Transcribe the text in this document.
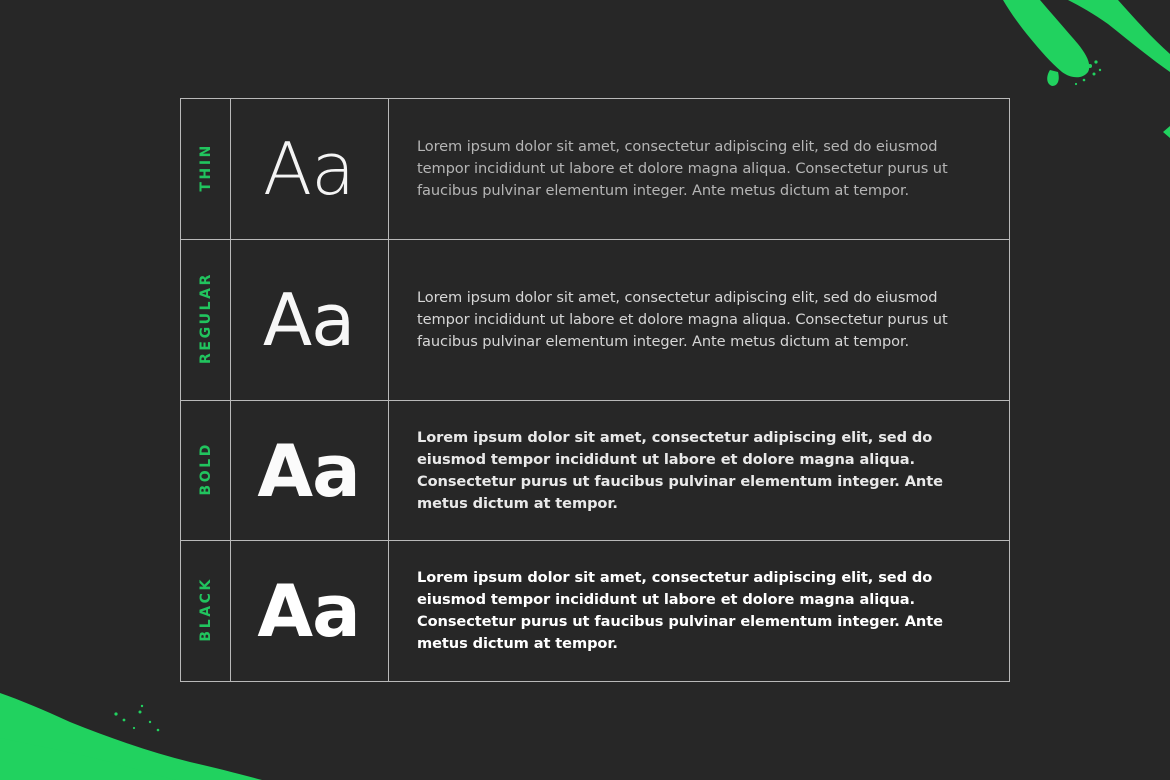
THIN	Aa	Lorem ipsum dolor sit amet, consectetur adipiscing elit, sed do eiusmod tempor incididunt ut labore et dolore magna aliqua. Consectetur purus ut faucibus pulvinar elementum integer. Ante metus dictum at tempor.

REGULAR	Aa	Lorem ipsum dolor sit amet, consectetur adipiscing elit, sed do eiusmod tempor incididunt ut labore et dolore magna aliqua. Consectetur purus ut faucibus pulvinar elementum integer. Ante metus dictum at tempor.

BOLD	Aa	Lorem ipsum dolor sit amet, consectetur adipiscing elit, sed do eiusmod tempor incididunt ut labore et dolore magna aliqua. Consectetur purus ut faucibus pulvinar elementum integer. Ante metus dictum at tempor.

BLACK	Aa	Lorem ipsum dolor sit amet, consectetur adipiscing elit, sed do eiusmod tempor incididunt ut labore et dolore magna aliqua. Consectetur purus ut faucibus pulvinar elementum integer. Ante metus dictum at tempor.
